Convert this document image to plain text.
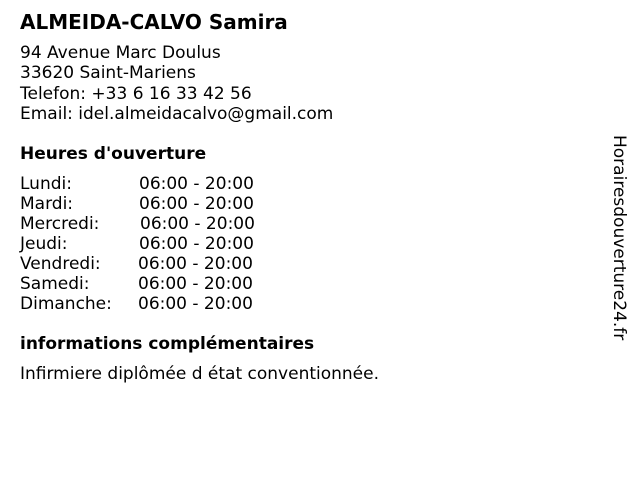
ALMEIDA-CALVO Samira
94 Avenue Marc Doulus
33620 Saint-Mariens
Telefon: +33 6 16 33 42 56
Email: idel.almeidacalvo@gmail.com
Heures d'ouverture
Lundi:	06:00 - 20:00
Mardi:	06:00 - 20:00
Mercredi: 06:00 - 20:00
Jeudi:	06:00 - 20:00
Vendredi: 06:00 - 20:00
Samedi:	06:00 - 20:00
Dimanche: 06:00 - 20:00
informations complémentaires
Infirmiere diplômée d état conventionnée.
Horairesdouverture24.fr
